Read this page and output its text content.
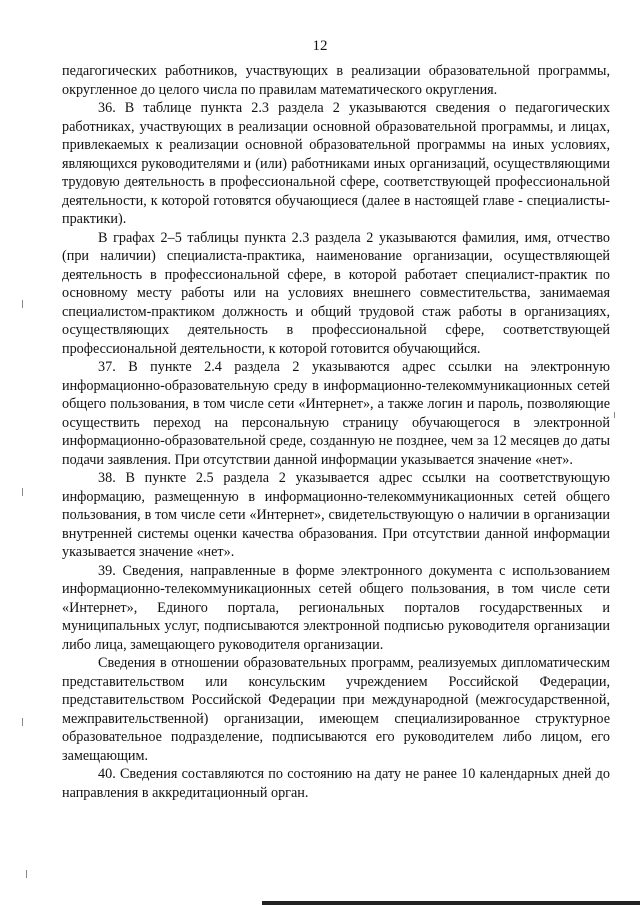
12

педагогических работников, участвующих в реализации образовательной программы, округленное до целого числа по правилам математического округления.

36. В таблице пункта 2.3 раздела 2 указываются сведения о педагогических работниках, участвующих в реализации основной образовательной программы, и лицах, привлекаемых к реализации основной образовательной программы на иных условиях, являющихся руководителями и (или) работниками иных организаций, осуществляющими трудовую деятельность в профессиональной сфере, соответствующей профессиональной деятельности, к которой готовятся обучающиеся (далее в настоящей главе - специалисты-практики).

В графах 2–5 таблицы пункта 2.3 раздела 2 указываются фамилия, имя, отчество (при наличии) специалиста-практика, наименование организации, осуществляющей деятельность в профессиональной сфере, в которой работает специалист-практик по основному месту работы или на условиях внешнего совместительства, занимаемая специалистом-практиком должность и общий трудовой стаж работы в организациях, осуществляющих деятельность в профессиональной сфере, соответствующей профессиональной деятельности, к которой готовится обучающийся.

37. В пункте 2.4 раздела 2 указываются адрес ссылки на электронную информационно-образовательную среду в информационно-телекоммуникационных сетей общего пользования, в том числе сети «Интернет», а также логин и пароль, позволяющие осуществить переход на персональную страницу обучающегося в электронной информационно-образовательной среде, созданную не позднее, чем за 12 месяцев до даты подачи заявления. При отсутствии данной информации указывается значение «нет».

38. В пункте 2.5 раздела 2 указывается адрес ссылки на соответствующую информацию, размещенную в информационно-телекоммуникационных сетей общего пользования, в том числе сети «Интернет», свидетельствующую о наличии в организации внутренней системы оценки качества образования. При отсутствии данной информации указывается значение «нет».

39. Сведения, направленные в форме электронного документа с использованием информационно-телекоммуникационных сетей общего пользования, в том числе сети «Интернет», Единого портала, региональных порталов государственных и муниципальных услуг, подписываются электронной подписью руководителя организации либо лица, замещающего руководителя организации.

Сведения в отношении образовательных программ, реализуемых дипломатическим представительством или консульским учреждением Российской Федерации, представительством Российской Федерации при международной (межгосударственной, межправительственной) организации, имеющем специализированное структурное образовательное подразделение, подписываются его руководителем либо лицом, его замещающим.

40. Сведения составляются по состоянию на дату не ранее 10 календарных дней до направления в аккредитационный орган.
